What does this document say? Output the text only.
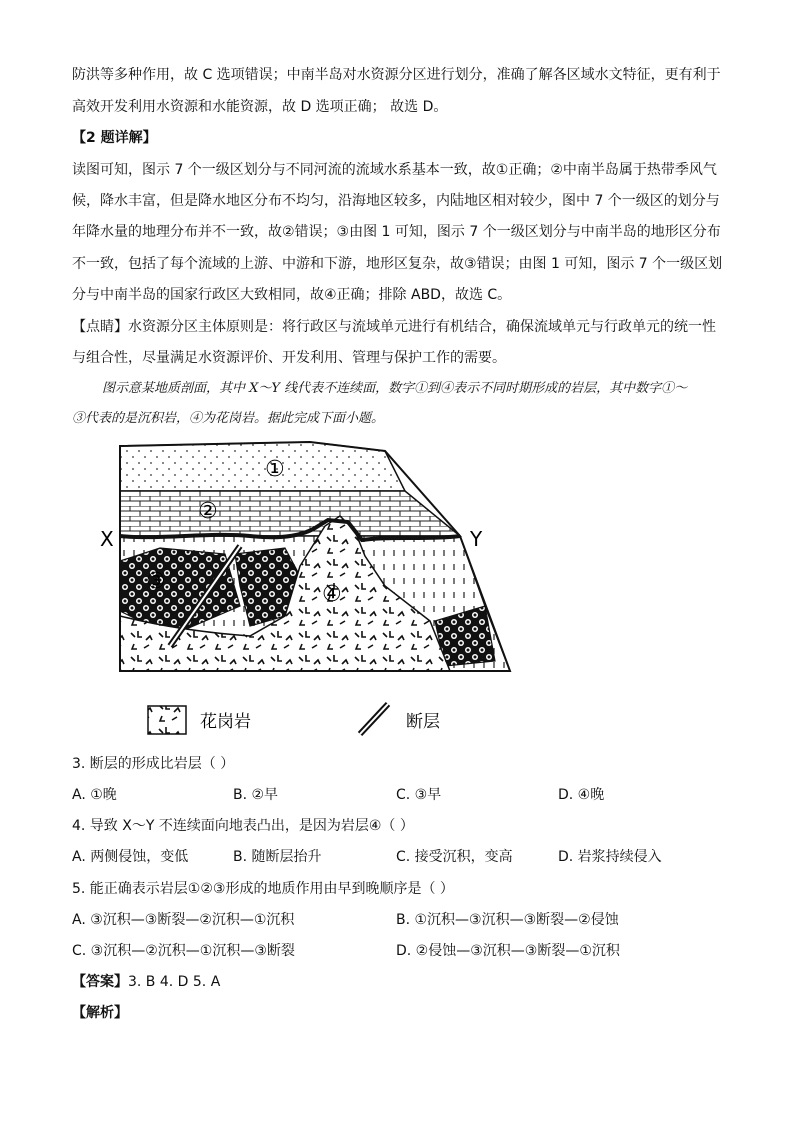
防洪等多种作用，故 C 选项错误；中南半岛对水资源分区进行划分，准确了解各区域水文特征，更有利于
高效开发利用水资源和水能资源，故 D 选项正确； 故选 D。
【2 题详解】
读图可知，图示 7 个一级区划分与不同河流的流域水系基本一致，故①正确；②中南半岛属于热带季风气
候，降水丰富，但是降水地区分布不均匀，沿海地区较多，内陆地区相对较少，图中 7 个一级区的划分与
年降水量的地理分布并不一致，故②错误；③由图 1 可知，图示 7 个一级区划分与中南半岛的地形区分布
不一致，包括了每个流域的上游、中游和下游，地形区复杂，故③错误；由图 1 可知，图示 7 个一级区划
分与中南半岛的国家行政区大致相同，故④正确；排除 ABD，故选 C。
【点睛】水资源分区主体原则是：将行政区与流域单元进行有机结合，确保流域单元与行政单元的统一性
与组合性，尽量满足水资源评价、开发利用、管理与保护工作的需要。
图示意某地质剖面，其中 X～Y 线代表不连续面，数字①到④表示不同时期形成的岩层，其中数字①～
③代表的是沉积岩，④为花岗岩。据此完成下面小题。
①
②
③
④
X	Y
花岗岩	断层
3. 断层的形成比岩层（ ）
A. ①晚	B. ②早	C. ③早	D. ④晚
4. 导致 X～Y 不连续面向地表凸出，是因为岩层④（ ）
A. 两侧侵蚀，变低	B. 随断层抬升	C. 接受沉积，变高	D. 岩浆持续侵入
5. 能正确表示岩层①②③形成的地质作用由早到晚顺序是（ ）
A. ③沉积—③断裂—②沉积—①沉积	B. ①沉积—③沉积—③断裂—②侵蚀
C. ③沉积—②沉积—①沉积—③断裂	D. ②侵蚀—③沉积—③断裂—①沉积
【答案】3. B 4. D 5. A
【解析】
